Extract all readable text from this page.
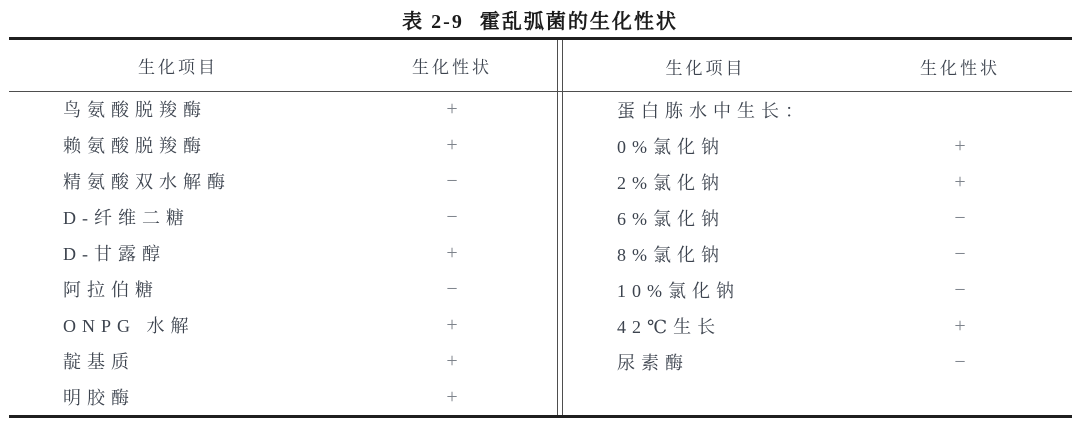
表 2-9 霍乱弧菌的生化性状
生化项目	生化性状
鸟氨酸脱羧酶	+
赖氨酸脱羧酶	+
精氨酸双水解酶	−
D-纤维二糖	−
D-甘露醇	+
阿拉伯糖	−
ONPG 水解	+
靛基质	+
明胶酶	+
生化项目	生化性状
蛋白胨水中生长：
0%氯化钠	+
2%氯化钠	+
6%氯化钠	−
8%氯化钠	−
10%氯化钠	−
42℃生长	+
尿素酶	−
